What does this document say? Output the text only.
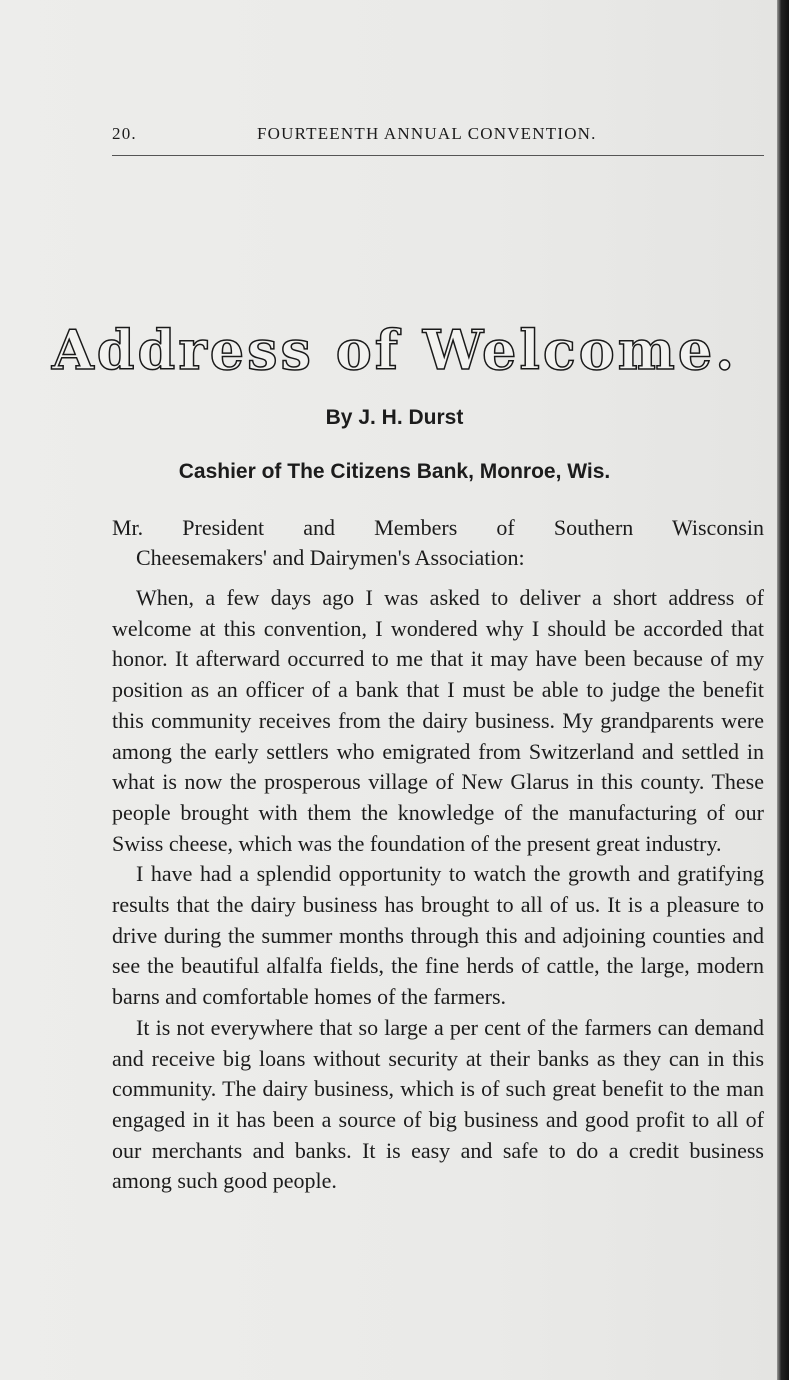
20.	FOURTEENTH ANNUAL CONVENTION.
Address of Welcome.
By J. H. Durst
Cashier of The Citizens Bank, Monroe, Wis.
Mr. President and Members of Southern Wisconsin
Cheesemakers' and Dairymen's Association:

When, a few days ago I was asked to deliver a short address of welcome at this convention, I wondered why I should be accorded that honor. It afterward occurred to me that it may have been because of my position as an officer of a bank that I must be able to judge the benefit this community receives from the dairy business. My grandparents were among the early settlers who emigrated from Switzerland and settled in what is now the prosperous village of New Glarus in this county. These people brought with them the knowledge of the manufacturing of our Swiss cheese, which was the foundation of the present great industry.

I have had a splendid opportunity to watch the growth and gratifying results that the dairy business has brought to all of us. It is a pleasure to drive during the summer months through this and adjoining counties and see the beautiful alfalfa fields, the fine herds of cattle, the large, modern barns and comfortable homes of the farmers.

It is not everywhere that so large a per cent of the farmers can demand and receive big loans without security at their banks as they can in this community. The dairy business, which is of such great benefit to the man engaged in it has been a source of big business and good profit to all of our merchants and banks. It is easy and safe to do a credit business among such good people.
